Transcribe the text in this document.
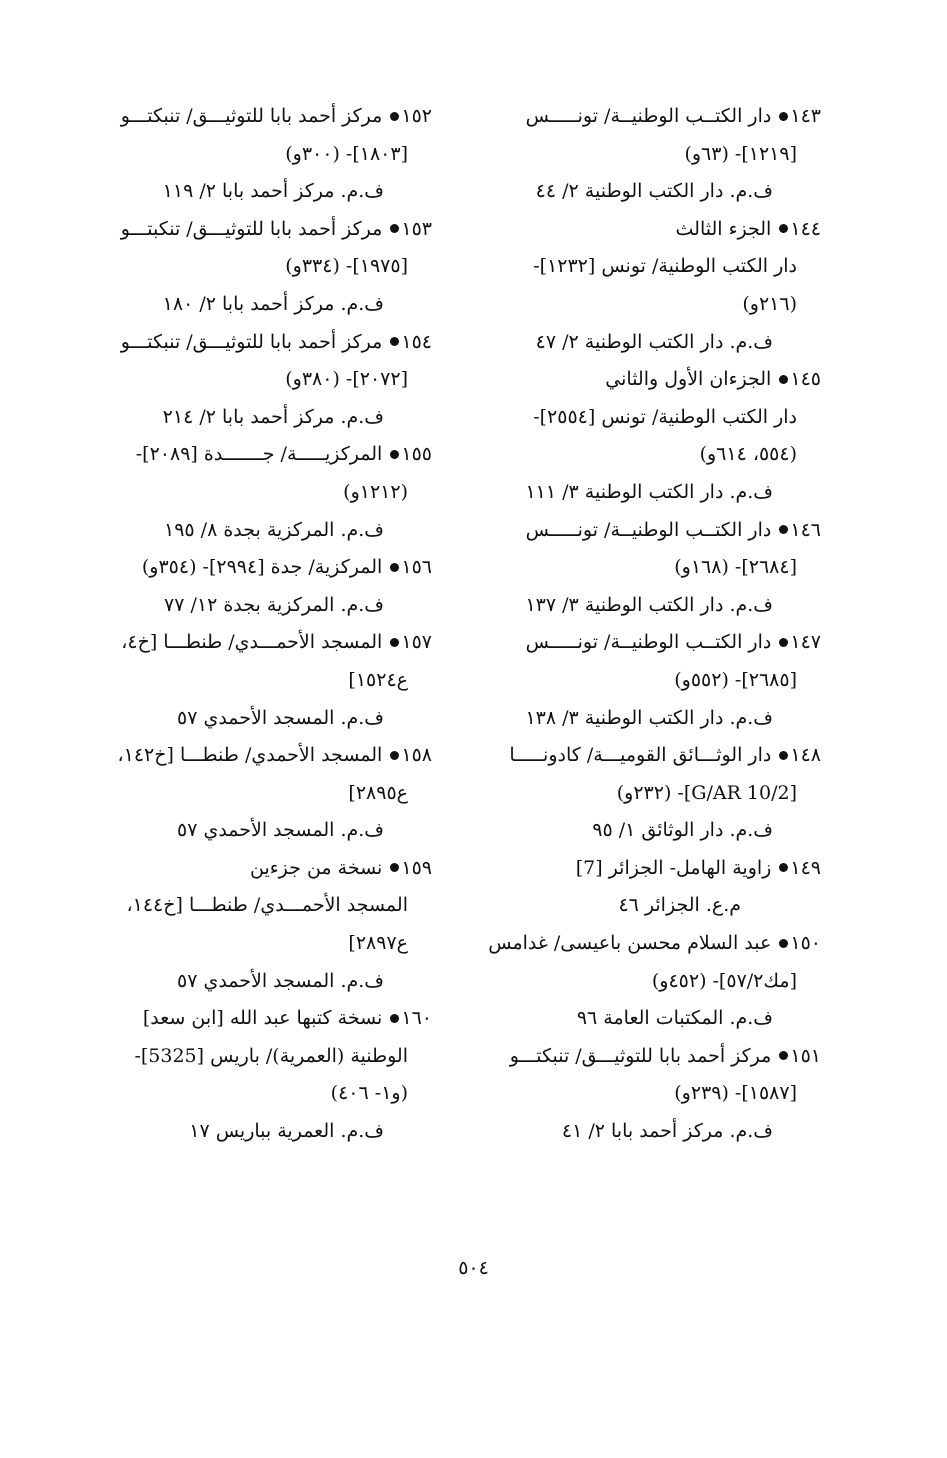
١٤٣ دار الكتــب الوطنيــة/ تونـــــس
[١٢١٩]- (٦٣و)
ف.م. دار الكتب الوطنية ٢/ ٤٤
١٤٤ الجزء الثالث
دار الكتب الوطنية/ تونس [١٢٣٢]-
(٢١٦و)
ف.م. دار الكتب الوطنية ٢/ ٤٧
١٤٥ الجزءان الأول والثاني
دار الكتب الوطنية/ تونس [٢٥٥٤]-
(٥٥٤، ٦١٤و)
ف.م. دار الكتب الوطنية ٣/ ١١١
١٤٦ دار الكتــب الوطنيــة/ تونـــــس
[٢٦٨٤]- (١٦٨و)
ف.م. دار الكتب الوطنية ٣/ ١٣٧
١٤٧ دار الكتــب الوطنيــة/ تونـــــس
[٢٦٨٥]- (٥٥٢و)
ف.م. دار الكتب الوطنية ٣/ ١٣٨
١٤٨ دار الوثـــائق القوميـــة/ كادونـــــا
[G/AR 10/2]- (٢٣٢و)
ف.م. دار الوثائق ١/ ٩٥
١٤٩ زاوية الهامل- الجزائر [7]
م.ع. الجزائر ٤٦
١٥٠ عبد السلام محسن باعيسى/ غدامس
[مك٥٧/٢]- (٤٥٢و)
ف.م. المكتبات العامة ٩٦
١٥١ مركز أحمد بابا للتوثيـــق/ تنبكتـــو
[١٥٨٧]- (٢٣٩و)
ف.م. مركز أحمد بابا ٢/ ٤١
١٥٢ مركز أحمد بابا للتوثيـــق/ تنبكتـــو
[١٨٠٣]- (٣٠٠و)
ف.م. مركز أحمد بابا ٢/ ١١٩
١٥٣ مركز أحمد بابا للتوثيـــق/ تنكبتـــو
[١٩٧٥]- (٣٣٤و)
ف.م. مركز أحمد بابا ٢/ ١٨٠
١٥٤ مركز أحمد بابا للتوثيـــق/ تنبكتـــو
[٢٠٧٢]- (٣٨٠و)
ف.م. مركز أحمد بابا ٢/ ٢١٤
١٥٥ المركزيـــــة/ جـــــــدة [٢٠٨٩]-
(١٢١٢و)
ف.م. المركزية بجدة ٨/ ١٩٥
١٥٦ المركزية/ جدة [٢٩٩٤]- (٣٥٤و)
ف.م. المركزية بجدة ١٢/ ٧٧
١٥٧ المسجد الأحمـــدي/ طنطـــا [خ٤،
ع١٥٢٤]
ف.م. المسجد الأحمدي ٥٧
١٥٨ المسجد الأحمدي/ طنطـــا [خ١٤٢،
ع٢٨٩٥]
ف.م. المسجد الأحمدي ٥٧
١٥٩ نسخة من جزءين
المسجد الأحمـــدي/ طنطـــا [خ١٤٤،
ع٢٨٩٧]
ف.م. المسجد الأحمدي ٥٧
١٦٠ نسخة كتبها عبد الله [ابن سعد]
الوطنية (العمرية)/ باريس [5325]-
(و١- ٤٠٦)
ف.م. العمرية بباريس ١٧
٥٠٤
